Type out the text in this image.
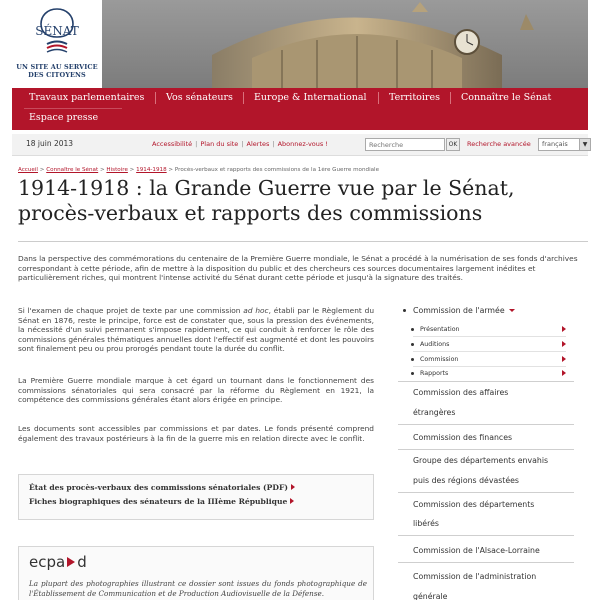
SÉNAT
UN SITE AU SERVICE
DES CITOYENS
Travaux parlementaires Vos sénateurs Europe & International Territoires Connaître le Sénat
Espace presse
18 juin 2013	Accessibilité | Plan du site | Alertes | Abonnez-vous !
Recherche	OK	Recherche avancée	français	▼
Accueil > Connaître le Sénat > Histoire > 1914-1918 > Procès-verbaux et rapports des commissions de la 1ère Guerre mondiale
1914-1918 : la Grande Guerre vue par le Sénat,
procès-verbaux et rapports des commissions
Dans la perspective des commémorations du centenaire de la Première Guerre mondiale, le Sénat a procédé à la numérisation de ses fonds d'archives correspondant à cette période, afin de mettre à la disposition du public et des chercheurs ces sources documentaires largement inédites et particulièrement riches, qui montrent l'intense activité du Sénat durant cette période et jusqu'à la signature des traités.
Si l'examen de chaque projet de texte par une commission ad hoc, établi par le Règlement du Sénat en 1876, reste le principe, force est de constater que, sous la pression des événements, la nécessité d'un suivi permanent s'impose rapidement, ce qui conduit à renforcer le rôle des commissions générales thématiques annuelles dont l'effectif est augmenté et dont les pouvoirs sont finalement peu ou prou prorogés pendant toute la durée du conflit.
La Première Guerre mondiale marque à cet égard un tournant dans le fonctionnement des commissions sénatoriales qui sera consacré par la réforme du Règlement en 1921, la compétence des commissions générales étant alors érigée en principe.
Les documents sont accessibles par commissions et par dates. Le fonds présenté comprend également des travaux postérieurs à la fin de la guerre mis en relation directe avec le conflit.
État des procès-verbaux des commissions sénatoriales (PDF)
Fiches biographiques des sénateurs de la IIIème République
ecpa d
La plupart des photographies illustrant ce dossier sont issues du fonds photographique de l'Établissement de Communication et de Production Audiovisuelle de la Défense.
Commission de l'armée
Présentation
Auditions
Commission
Rapports
Commission des affaires
étrangères
Commission des finances
Groupe des départements envahis
puis des régions dévastées
Commission des départements
libérés
Commission de l'Alsace-Lorraine
Commission de l'administration
générale
